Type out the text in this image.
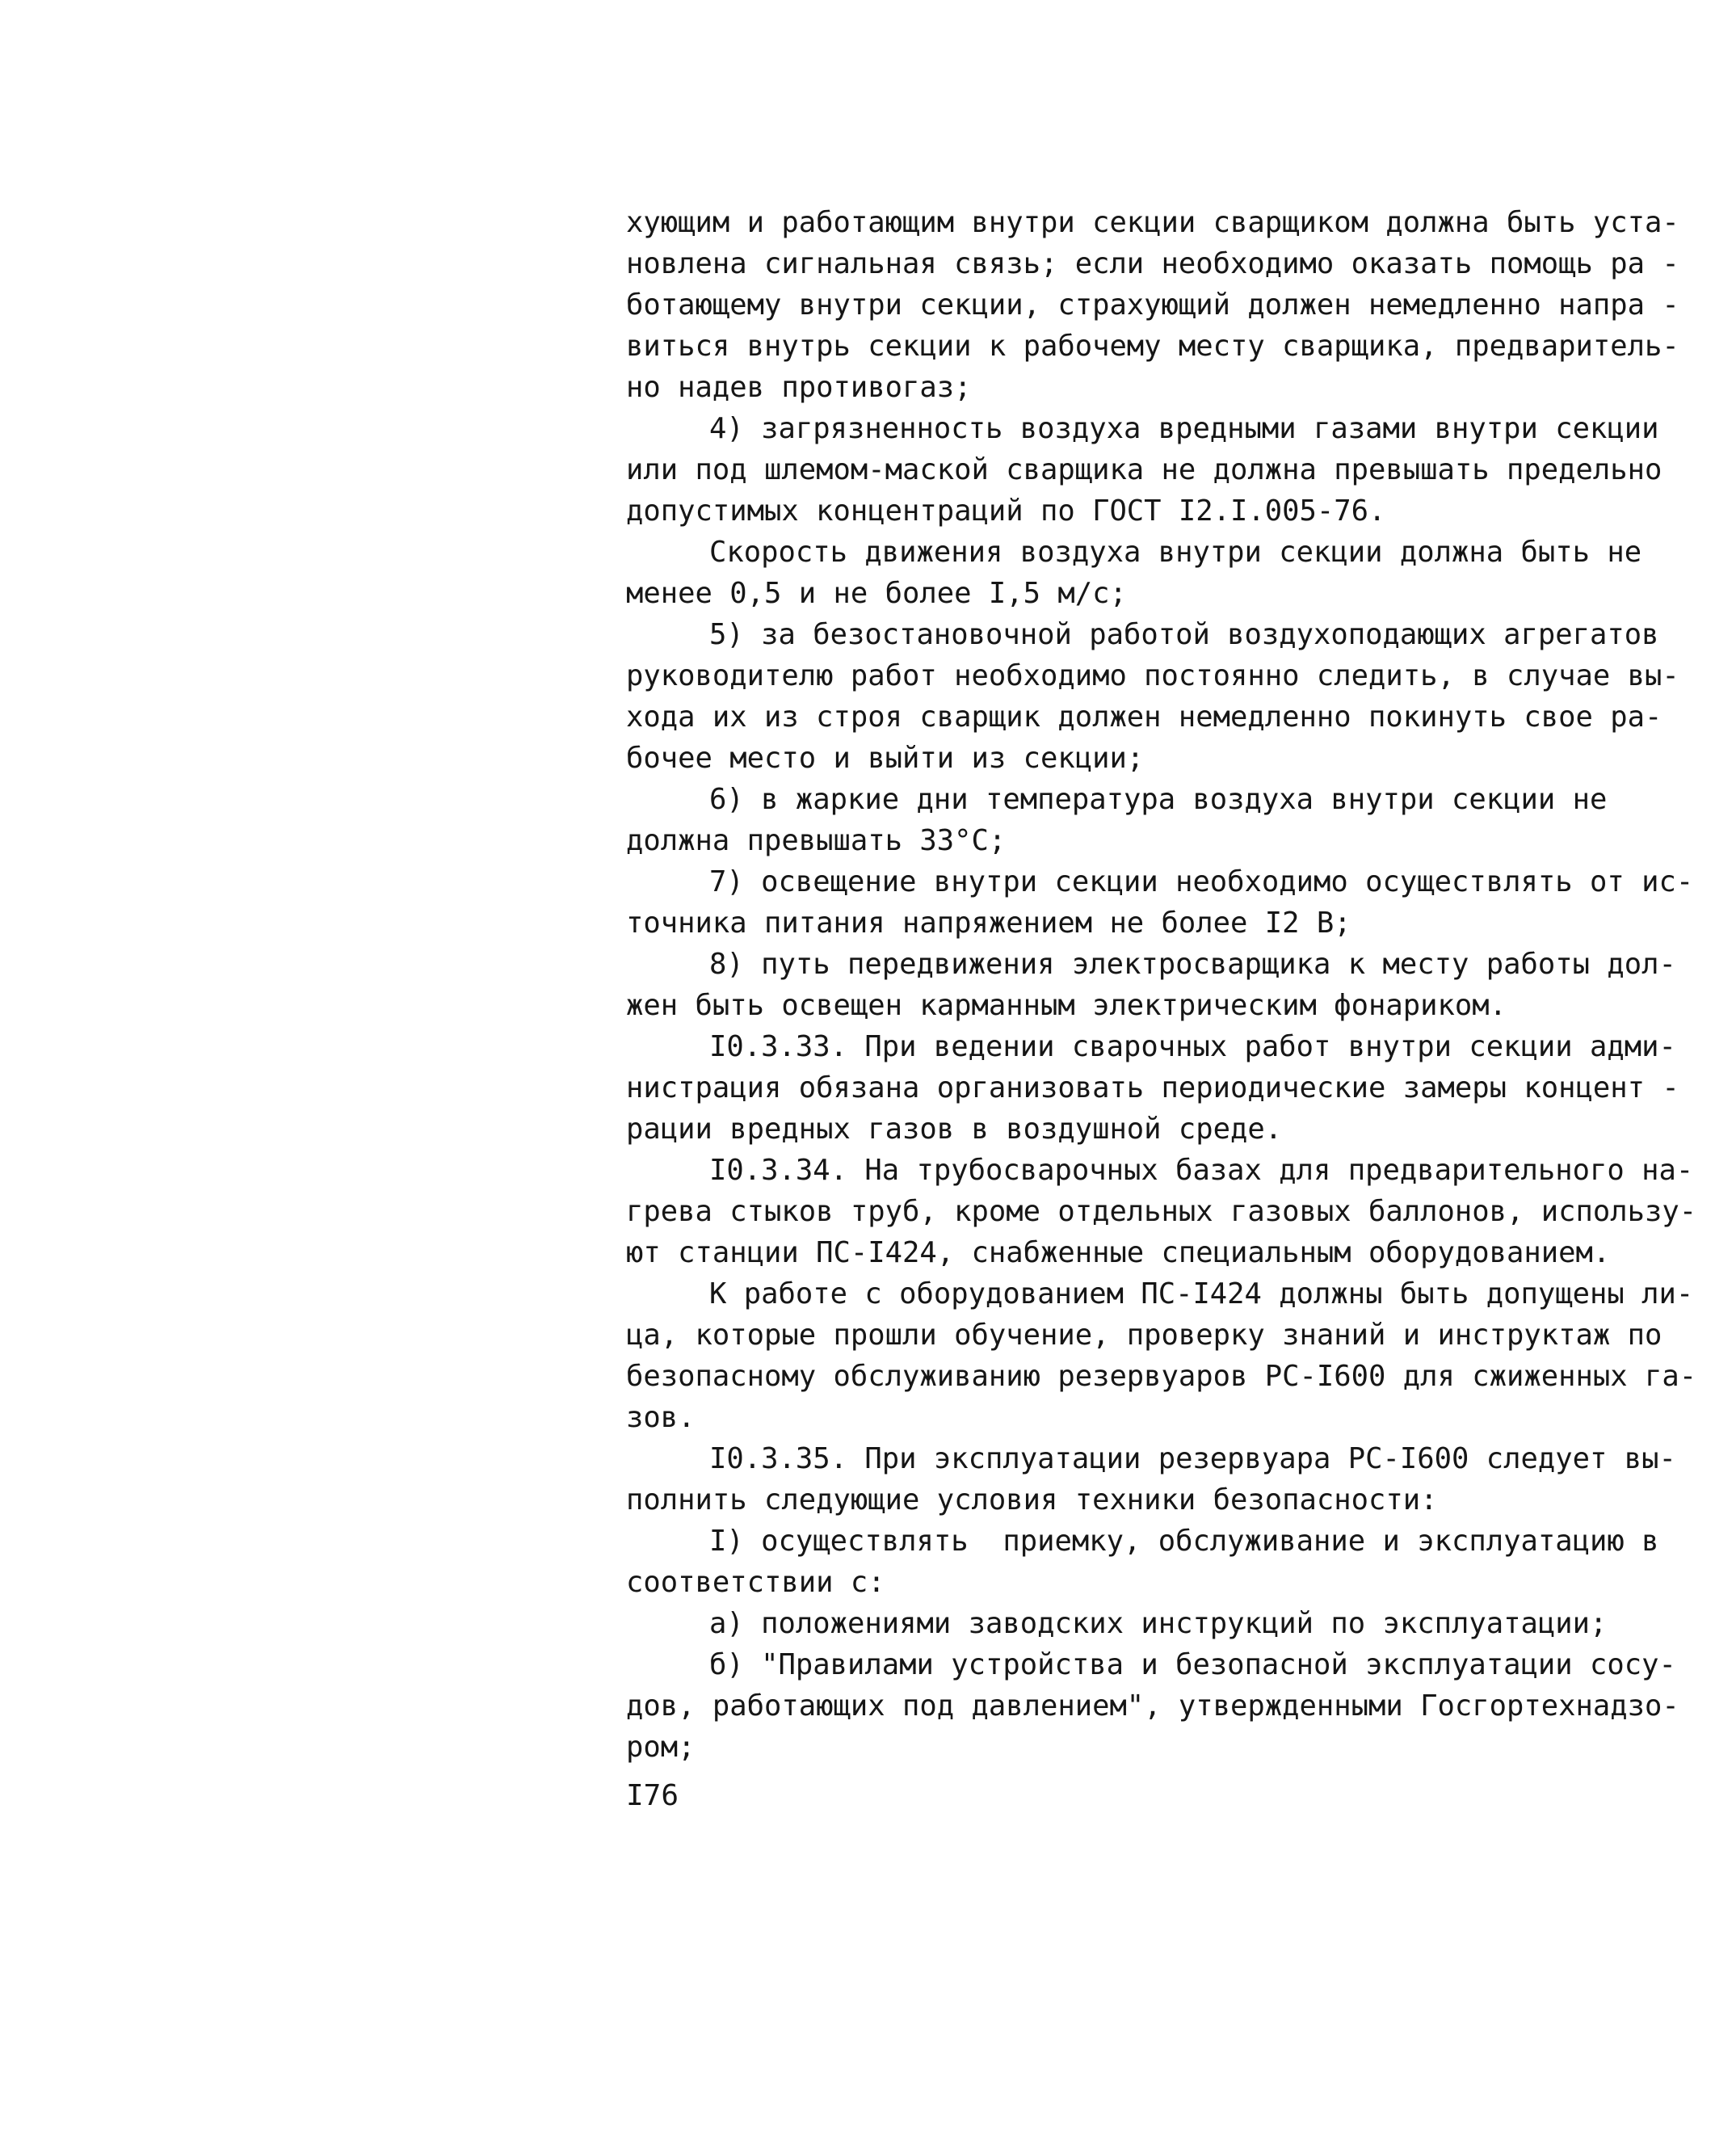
хующим и работающим внутри секции сварщиком должна быть уста-
новлена сигнальная связь; если необходимо оказать помощь ра -
ботающему внутри секции, страхующий должен немедленно напра -
виться внутрь секции к рабочему месту сварщика, предваритель-
но надев противогаз;
4) загрязненность воздуха вредными газами внутри секции
или под шлемом-маской сварщика не должна превышать предельно
допустимых концентраций по ГОСТ I2.I.005-76.
Скорость движения воздуха внутри секции должна быть не
менее 0,5 и не более I,5 м/с;
5) за безостановочной работой воздухоподающих агрегатов
руководителю работ необходимо постоянно следить, в случае вы-
хода их из строя сварщик должен немедленно покинуть свое ра-
бочее место и выйти из секции;
6) в жаркие дни температура воздуха внутри секции не
должна превышать 33°C;
7) освещение внутри секции необходимо осуществлять от ис-
точника питания напряжением не более I2 В;
8) путь передвижения электросварщика к месту работы дол-
жен быть освещен карманным электрическим фонариком.
I0.3.33. При ведении сварочных работ внутри секции адми-
нистрация обязана организовать периодические замеры концент -
рации вредных газов в воздушной среде.
I0.3.34. На трубосварочных базах для предварительного на-
грева стыков труб, кроме отдельных газовых баллонов, использу-
ют станции ПС-I424, снабженные специальным оборудованием.
К работе с оборудованием ПС-I424 должны быть допущены ли-
ца, которые прошли обучение, проверку знаний и инструктаж по
безопасному обслуживанию резервуаров РС-I600 для сжиженных га-
зов.
I0.3.35. При эксплуатации резервуара РС-I600 следует вы-
полнить следующие условия техники безопасности:
I) осуществлять  приемку, обслуживание и эксплуатацию в
соответствии с:
а) положениями заводских инструкций по эксплуатации;
б) "Правилами устройства и безопасной эксплуатации сосу-
дов, работающих под давлением", утвержденными Госгортехнадзо-
ром;
I76
